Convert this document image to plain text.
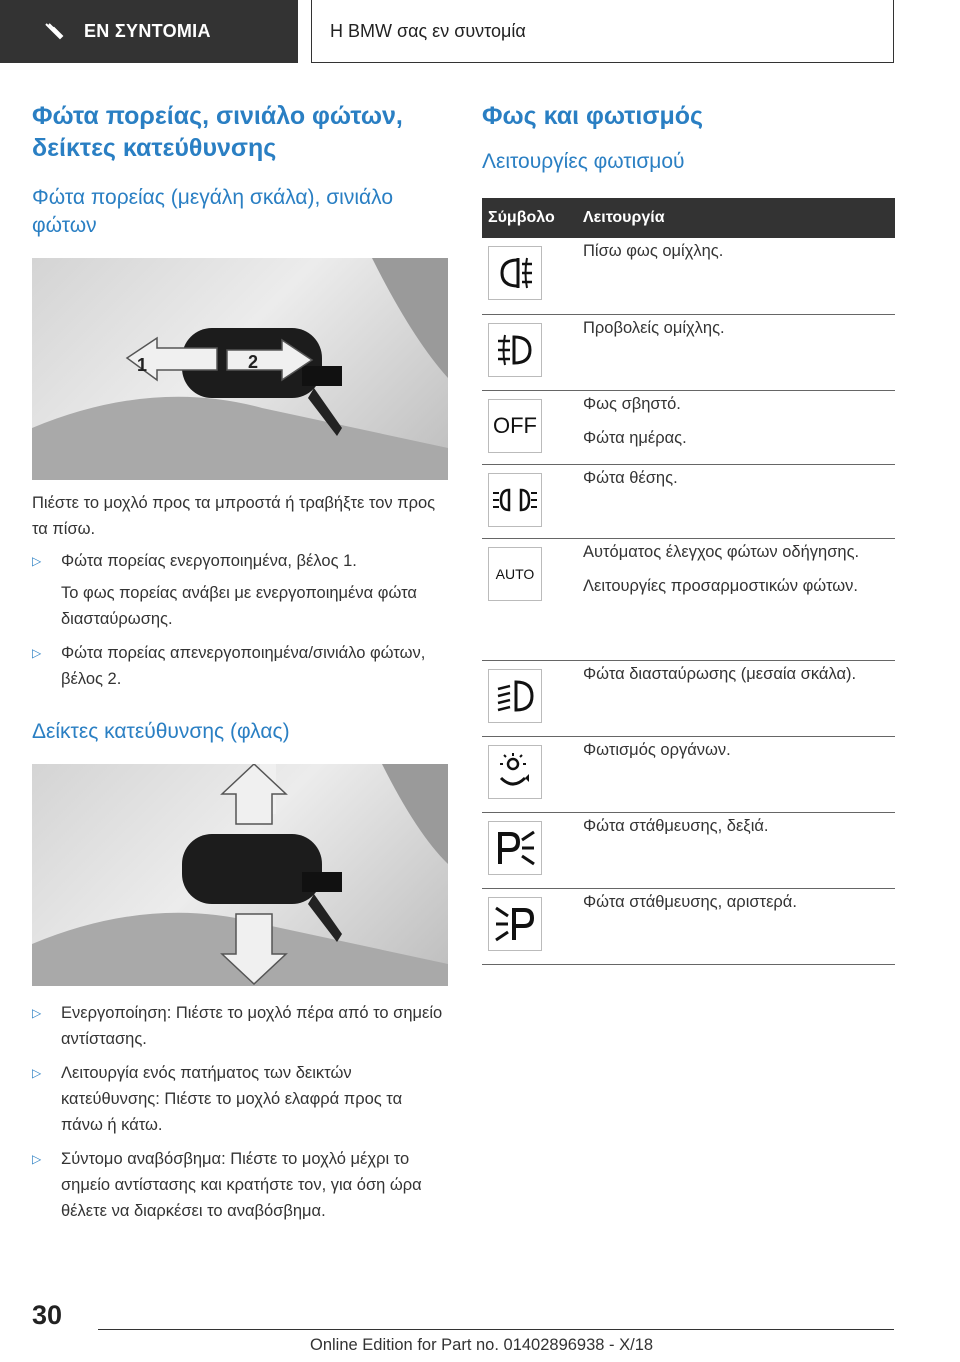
ΕΝ ΣΥΝΤΟΜΙΑ	Η BMW σας εν συντομία
Φώτα πορείας, σινιάλο φώτων, δείκτες κατεύθυνσης
Φώτα πορείας (μεγάλη σκάλα), σινιάλο φώτων
1	2

Πιέστε το μοχλό προς τα μπροστά ή τραβήξτε τον προς τα πίσω.

▷	Φώτα πορείας ενεργοποιημένα, βέλος 1.
Το φως πορείας ανάβει με ενεργοποιημένα φώτα διασταύρωσης.
▷	Φώτα πορείας απενεργοποιημένα/σινιάλο φώτων, βέλος 2.
Δείκτες κατεύθυνσης (φλας)
▷	Ενεργοποίηση: Πιέστε το μοχλό πέρα από το σημείο αντίστασης.
▷	Λειτουργία ενός πατήματος των δεικτών κατεύθυνσης: Πιέστε το μοχλό ελαφρά προς τα πάνω ή κάτω.
▷	Σύντομο αναβόσβημα: Πιέστε το μοχλό μέχρι το σημείο αντίστασης και κρατήστε τον, για όση ώρα θέλετε να διαρκέσει το αναβόσβημα.
Φως και φωτισμός
Λειτουργίες φωτισμού
Σύμβολο	Λειτουργία

Πίσω φως ομίχλης.

Προβολείς ομίχλης.

OFF	Φως σβηστό.
Φώτα ημέρας.

Φώτα θέσης.

AUTO	Αυτόματος έλεγχος φώτων οδήγησης.
Λειτουργίες προσαρμοστικών φώτων.

Φώτα διασταύρωσης (μεσαία σκάλα).

Φωτισμός οργάνων.

Φώτα στάθμευσης, δεξιά.

Φώτα στάθμευσης, αριστερά.
30
Online Edition for Part no. 01402896938 - X/18
